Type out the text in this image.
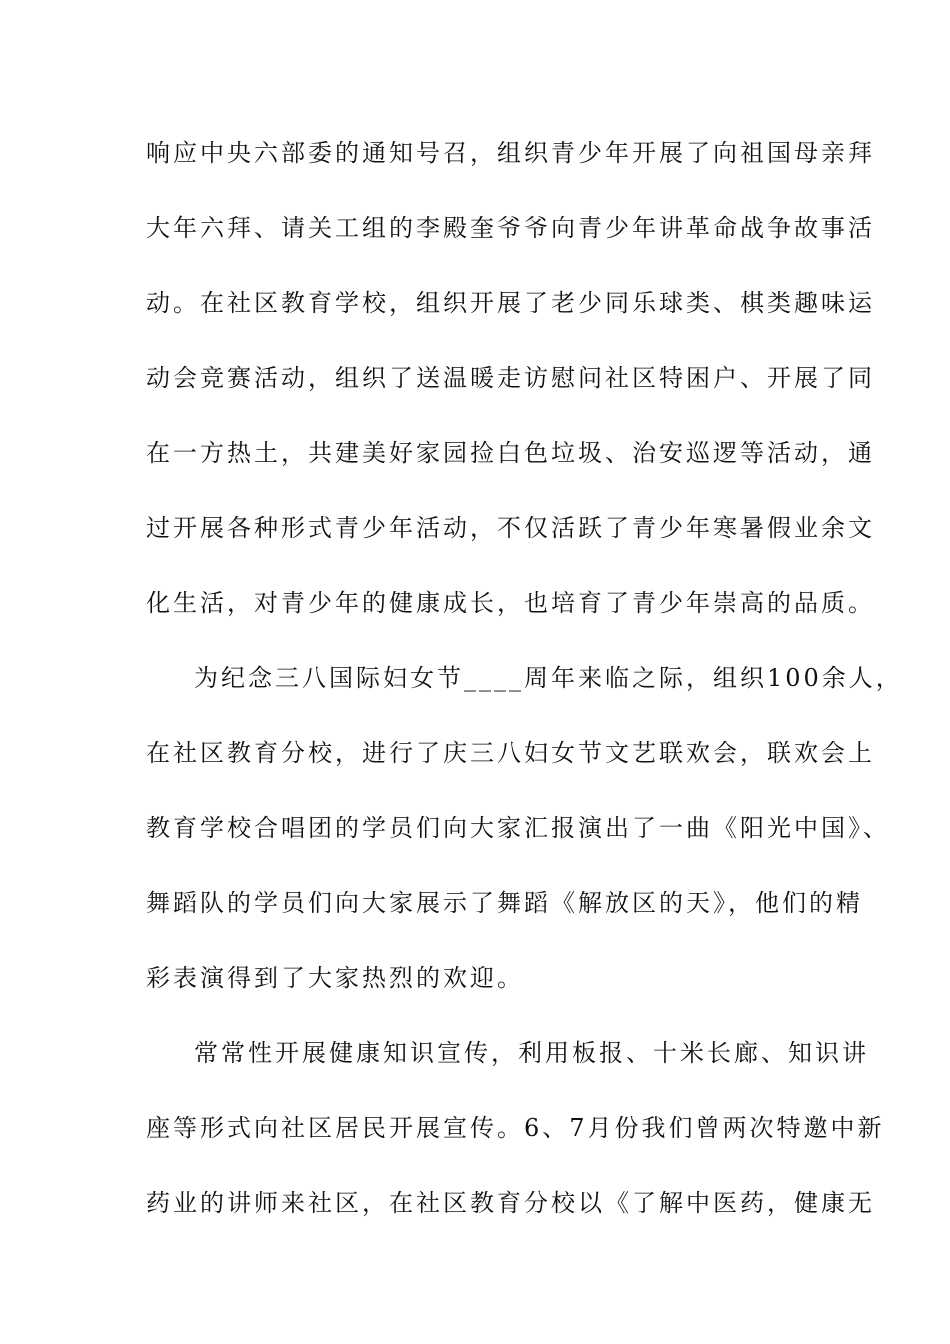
响应中央六部委的通知号召，组织青少年开展了向祖国母亲拜
大年六拜、请关工组的李殿奎爷爷向青少年讲革命战争故事活
动。在社区教育学校，组织开展了老少同乐球类、棋类趣味运
动会竞赛活动，组织了送温暖走访慰问社区特困户、开展了同
在一方热土，共建美好家园捡白色垃圾、治安巡逻等活动，通
过开展各种形式青少年活动，不仅活跃了青少年寒暑假业余文
化生活，对青少年的健康成长，也培育了青少年崇高的品质。
为纪念三八国际妇女节____周年来临之际，组织100余人，
在社区教育分校，进行了庆三八妇女节文艺联欢会，联欢会上
教育学校合唱团的学员们向大家汇报演出了一曲《阳光中国》、
舞蹈队的学员们向大家展示了舞蹈《解放区的天》，他们的精
彩表演得到了大家热烈的欢迎。
常常性开展健康知识宣传，利用板报、十米长廊、知识讲
座等形式向社区居民开展宣传。6、7月份我们曾两次特邀中新
药业的讲师来社区，在社区教育分校以《了解中医药，健康无
